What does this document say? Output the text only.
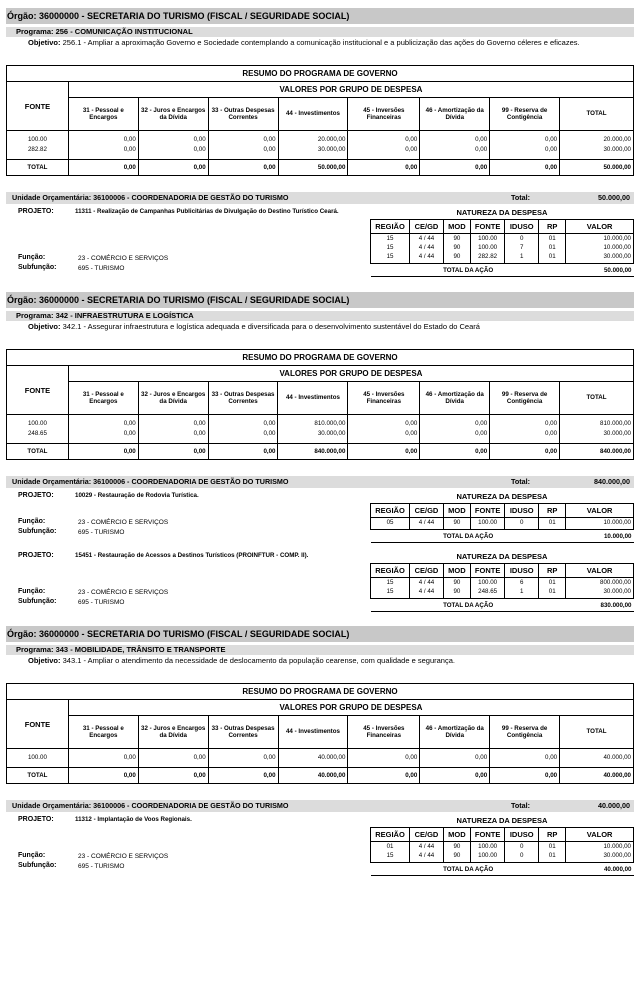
Órgão: 36000000 - SECRETARIA DO TURISMO (FISCAL / SEGURIDADE SOCIAL)
Programa: 256 - COMUNICAÇÃO INSTITUCIONAL
Objetivo: 256.1 - Ampliar a aproximação Governo e Sociedade contemplando a comunicação institucional e a publicização das ações do Governo céleres e eficazes.
RESUMO DO PROGRAMA DE GOVERNO								
FONTE	VALORES POR GRUPO DE DESPESA							
	31 - Pessoal e Encargos	32 - Juros e Encargos da Dívida	33 - Outras Despesas Correntes	44 - Investimentos	45 - Inversões Financeiras	46 - Amortização da Dívida	99 - Reserva de Contigência	TOTAL
100.00	0,00	0,00	0,00	20.000,00	0,00	0,00	0,00	20.000,00
282.82	0,00	0,00	0,00	30.000,00	0,00	0,00	0,00	30.000,00

TOTAL	0,00	0,00	0,00	50.000,00	0,00	0,00	0,00	50.000,00
Unidade Orçamentária: 36100006 - COORDENADORIA DE GESTÃO DO TURISMO	Total:	50.000,00
PROJETO:	11311 - Realização de Campanhas Publicitárias de Divulgação do Destino Turístico Ceará.
Função:	23 - COMÉRCIO E SERVIÇOS
Subfunção:	695 - TURISMO
NATUREZA DA DESPESA
REGIÃO	CE/GD	MOD	FONTE	IDUSO	RP	VALOR
15	4 / 44	90	100.00	0	01	10.000,00
15	4 / 44	90	100.00	7	01	10.000,00
15	4 / 44	90	282.82	1	01	30.000,00
TOTAL DA AÇÃO						50.000,00
Órgão: 36000000 - SECRETARIA DO TURISMO (FISCAL / SEGURIDADE SOCIAL)
Programa: 342 - INFRAESTRUTURA E LOGÍSTICA
Objetivo: 342.1 - Assegurar infraestrutura e logística adequada e diversificada para o desenvolvimento sustentável do Estado do Ceará
RESUMO DO PROGRAMA DE GOVERNO								
FONTE	VALORES POR GRUPO DE DESPESA							
	31 - Pessoal e Encargos	32 - Juros e Encargos da Dívida	33 - Outras Despesas Correntes	44 - Investimentos	45 - Inversões Financeiras	46 - Amortização da Dívida	99 - Reserva de Contigência	TOTAL
100.00	0,00	0,00	0,00	810.000,00	0,00	0,00	0,00	810.000,00
248.65	0,00	0,00	0,00	30.000,00	0,00	0,00	0,00	30.000,00

TOTAL	0,00	0,00	0,00	840.000,00	0,00	0,00	0,00	840.000,00
Unidade Orçamentária: 36100006 - COORDENADORIA DE GESTÃO DO TURISMO	Total:	840.000,00
PROJETO:	10029 - Restauração de Rodovia Turística.
Função:	23 - COMÉRCIO E SERVIÇOS
Subfunção:	695 - TURISMO
NATUREZA DA DESPESA
REGIÃO	CE/GD	MOD	FONTE	IDUSO	RP	VALOR
05	4 / 44	90	100.00	0	01	10.000,00
TOTAL DA AÇÃO						10.000,00
PROJETO:	15451 - Restauração de Acessos a Destinos Turísticos (PROINFTUR - COMP. II).
Função:	23 - COMÉRCIO E SERVIÇOS
Subfunção:	695 - TURISMO
NATUREZA DA DESPESA
REGIÃO	CE/GD	MOD	FONTE	IDUSO	RP	VALOR
15	4 / 44	90	100.00	6	01	800.000,00
15	4 / 44	90	248.65	1	01	30.000,00
TOTAL DA AÇÃO						830.000,00
Órgão: 36000000 - SECRETARIA DO TURISMO (FISCAL / SEGURIDADE SOCIAL)
Programa: 343 - MOBILIDADE, TRÂNSITO E TRANSPORTE
Objetivo: 343.1 - Ampliar o atendimento da necessidade de deslocamento da população cearense, com qualidade e segurança.
RESUMO DO PROGRAMA DE GOVERNO								
FONTE	VALORES POR GRUPO DE DESPESA							
	31 - Pessoal e Encargos	32 - Juros e Encargos da Dívida	33 - Outras Despesas Correntes	44 - Investimentos	45 - Inversões Financeiras	46 - Amortização da Dívida	99 - Reserva de Contigência	TOTAL
100.00	0,00	0,00	0,00	40.000,00	0,00	0,00	0,00	40.000,00

TOTAL	0,00	0,00	0,00	40.000,00	0,00	0,00	0,00	40.000,00
Unidade Orçamentária: 36100006 - COORDENADORIA DE GESTÃO DO TURISMO	Total:	40.000,00
PROJETO:	11312 - Implantação de Voos Regionais.
Função:	23 - COMÉRCIO E SERVIÇOS
Subfunção:	695 - TURISMO
NATUREZA DA DESPESA
REGIÃO	CE/GD	MOD	FONTE	IDUSO	RP	VALOR
01	4 / 44	90	100.00	0	01	10.000,00
15	4 / 44	90	100.00	0	01	30.000,00
TOTAL DA AÇÃO						40.000,00
